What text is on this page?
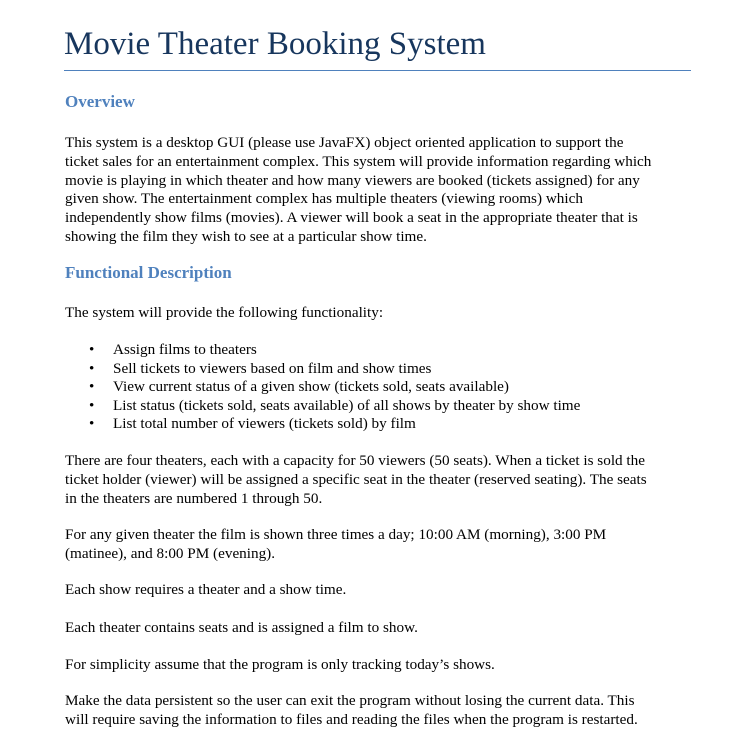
Movie Theater Booking System
Overview
This system is a desktop GUI (please use JavaFX) object oriented application to support the
ticket sales for an entertainment complex. This system will provide information regarding which
movie is playing in which theater and how many viewers are booked (tickets assigned) for any
given show. The entertainment complex has multiple theaters (viewing rooms) which
independently show films (movies). A viewer will book a seat in the appropriate theater that is
showing the film they wish to see at a particular show time.
Functional Description

The system will provide the following functionality:

• Assign films to theaters
• Sell tickets to viewers based on film and show times
• View current status of a given show (tickets sold, seats available)
• List status (tickets sold, seats available) of all shows by theater by show time
• List total number of viewers (tickets sold) by film
There are four theaters, each with a capacity for 50 viewers (50 seats). When a ticket is sold the
ticket holder (viewer) will be assigned a specific seat in the theater (reserved seating). The seats
in the theaters are numbered 1 through 50.
For any given theater the film is shown three times a day; 10:00 AM (morning), 3:00 PM
(matinee), and 8:00 PM (evening).

Each show requires a theater and a show time.

Each theater contains seats and is assigned a film to show.

For simplicity assume that the program is only tracking today’s shows.

Make the data persistent so the user can exit the program without losing the current data. This
will require saving the information to files and reading the files when the program is restarted.
